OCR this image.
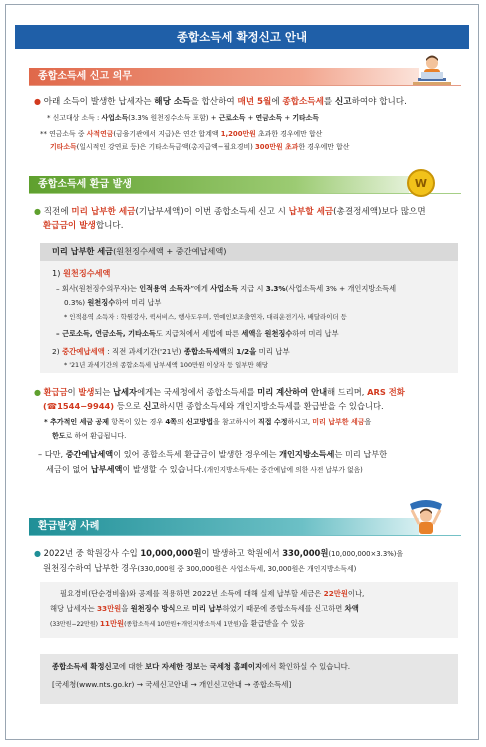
종합소득세 확정신고 안내
종합소득세 신고 의무
● 아래 소득이 발생한 납세자는 해당 소득을 합산하여 매년 5월에 종합소득세를 신고하여야 합니다.
* 신고대상 소득 : 사업소득(3.3% 원천징수소득 포함) + 근로소득 + 연금소득 + 기타소득
** 연금소득 중 사적연금(금융기관에서 지급)은 연간 합계액 1,200만원 초과한 경우에만 합산
기타소득(일시적인 강연료 등)은 기타소득금액(총지급액−필요경비) 300만원 초과한 경우에만 합산
종합소득세 환급 발생	W
● 직전에 미리 납부한 세금(기납부세액)이 이번 종합소득세 신고 시 납부할 세금(총결정세액)보다 많으면
환급금이 발생합니다.
미리 납부한 세금(원천징수세액 + 중간예납세액)
1) 원천징수세액
– 회사(원천징수의무자)는 인적용역 소득자”에게 사업소득 지급 시 3.3%(사업소득세 3% + 개인지방소득세
0.3%) 원천징수하여 미리 납부
* 인적용역 소득자 : 학원강사, 퀵서비스, 행사도우미, 연예인보조출연자, 대리운전기사, 배달라이더 등
– 근로소득, 연금소득, 기타소득도 지급처에서 세법에 따른 세액을 원천징수하여 미리 납부
2) 중간예납세액 : 직전 과세기간('21년) 종합소득세액의 1/2을 미리 납부
* '21년 과세기간의 종합소득세 납부세액 100만원 이상자 등 일부만 해당
● 환급금이 발생되는 납세자에게는 국세청에서 종합소득세를 미리 계산하여 안내해 드리며, ARS 전화
(☎1544−9944) 등으로 신고하시면 종합소득세와 개인지방소득세를 환급받을 수 있습니다.
* 추가적인 세금 공제 항목이 있는 경우 4쪽의 신고방법을 참고하시어 직접 수정하시고, 미리 납부한 세금을
한도로 하여 환급됩니다.
– 다만, 중간예납세액이 있어 종합소득세 환급금이 발생한 경우에는 개인지방소득세는 미리 납부한
세금이 없어 납부세액이 발생할 수 있습니다.(개인지방소득세는 중간예납에 의한 사전 납부가 없음)
환급발생 사례
● 2022년 중 학원강사 수입 10,000,000원이 발생하고 학원에서 330,000원(10,000,000×3.3%)을
원천징수하여 납부한 경우(330,000원 중 300,000원은 사업소득세, 30,000원은 개인지방소득세)
필요경비(단순경비율)와 공제를 적용하면 2022년 소득에 대해 실제 납부할 세금은 22만원이나,
해당 납세자는 33만원을 원천징수 방식으로 미리 납부하였기 때문에 종합소득세를 신고하면 차액
(33만원−22만원) 11만원(종합소득세 10만원+개인지방소득세 1만원)을 환급받을 수 있음
종합소득세 확정신고에 대한 보다 자세한 정보는 국세청 홈페이지에서 확인하실 수 있습니다.
[국세청(www.nts.go.kr) → 국세신고안내 → 개인신고안내 → 종합소득세]
